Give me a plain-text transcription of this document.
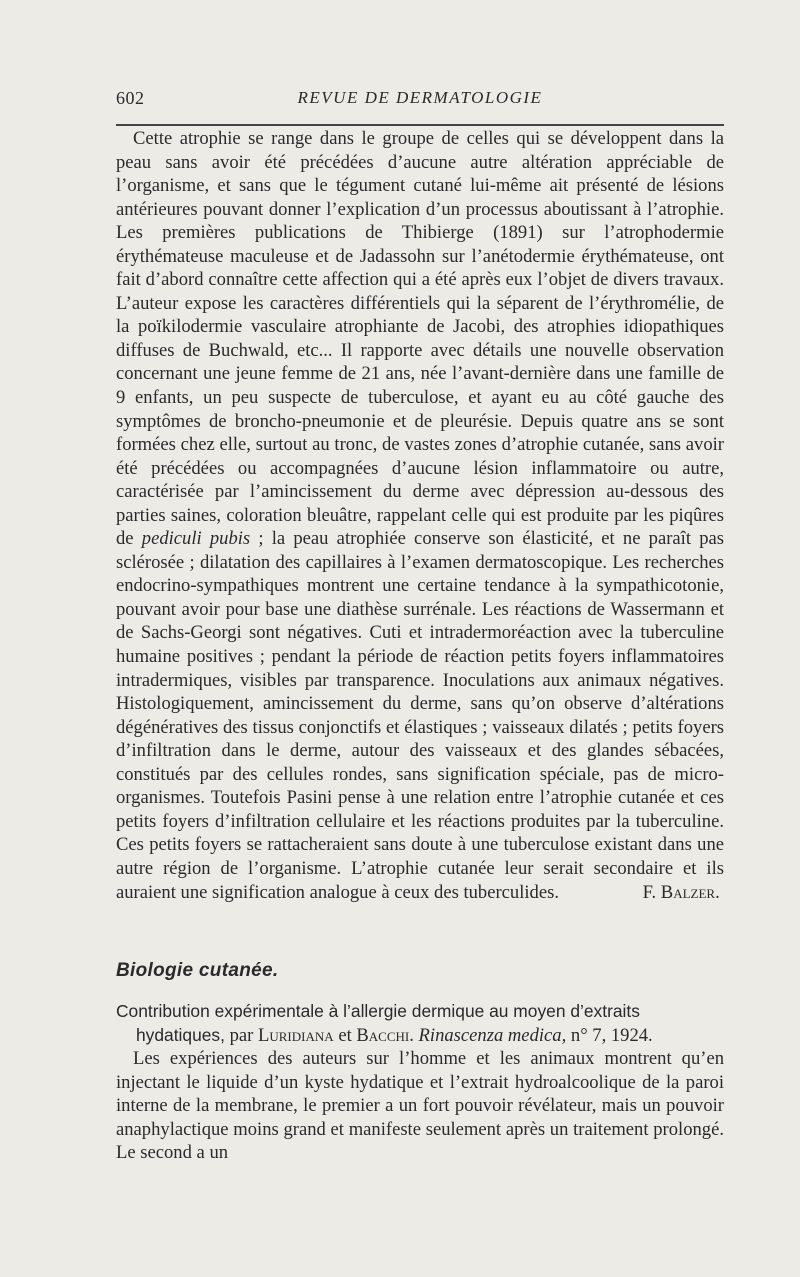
602	REVUE DE DERMATOLOGIE

Cette atrophie se range dans le groupe de celles qui se développent dans la peau sans avoir été précédées d’aucune autre altération appréciable de l’organisme, et sans que le tégument cutané lui-même ait présenté de lésions antérieures pouvant donner l’explication d’un processus aboutissant à l’atrophie. Les premières publications de Thibierge (1891) sur l’atrophodermie érythémateuse maculeuse et de Jadassohn sur l’anétodermie érythémateuse, ont fait d’abord connaître cette affection qui a été après eux l’objet de divers travaux. L’auteur expose les caractères différentiels qui la séparent de l’érythromélie, de la poïkilodermie vasculaire atrophiante de Jacobi, des atrophies idiopathiques diffuses de Buchwald, etc... Il rapporte avec détails une nouvelle observation concernant une jeune femme de 21 ans, née l’avant-dernière dans une famille de 9 enfants, un peu suspecte de tuberculose, et ayant eu au côté gauche des symptômes de broncho-pneumonie et de pleurésie. Depuis quatre ans se sont formées chez elle, surtout au tronc, de vastes zones d’atrophie cutanée, sans avoir été précédées ou accompagnées d’aucune lésion inflammatoire ou autre, caractérisée par l’amincissement du derme avec dépression au-dessous des parties saines, coloration bleuâtre, rappelant celle qui est produite par les piqûres de pediculi pubis ; la peau atrophiée conserve son élasticité, et ne paraît pas sclérosée ; dilatation des capillaires à l’examen dermatoscopique. Les recherches endocrino-sympathiques montrent une certaine tendance à la sympathicotonie, pouvant avoir pour base une diathèse surrénale. Les réactions de Wassermann et de Sachs-Georgi sont négatives. Cuti et intradermoréaction avec la tuberculine humaine positives ; pendant la période de réaction petits foyers inflammatoires intradermiques, visibles par transparence. Inoculations aux animaux négatives. Histologiquement, amincissement du derme, sans qu’on observe d’altérations dégénératives des tissus conjonctifs et élastiques ; vaisseaux dilatés ; petits foyers d’infiltration dans le derme, autour des vaisseaux et des glandes sébacées, constitués par des cellules rondes, sans signification spéciale, pas de micro-organismes. Toutefois Pasini pense à une relation entre l’atrophie cutanée et ces petits foyers d’infiltration cellulaire et les réactions produites par la tuberculine. Ces petits foyers se rattacheraient sans doute à une tuberculose existant dans une autre région de l’organisme. L’atrophie cutanée leur serait secondaire et ils auraient une signification analogue à ceux des tuberculides.     	F. Balzer.

Biologie cutanée.
Contribution expérimentale à l’allergie dermique au moyen d’extraits
hydatiques, par Luridiana et Bacchi. Rinascenza medica, n° 7, 1924.

Les expériences des auteurs sur l’homme et les animaux montrent qu’en injectant le liquide d’un kyste hydatique et l’extrait hydroalcoolique de la paroi interne de la membrane, le premier a un fort pouvoir révélateur, mais un pouvoir anaphylactique moins grand et manifeste seulement après un traitement prolongé. Le second a un
